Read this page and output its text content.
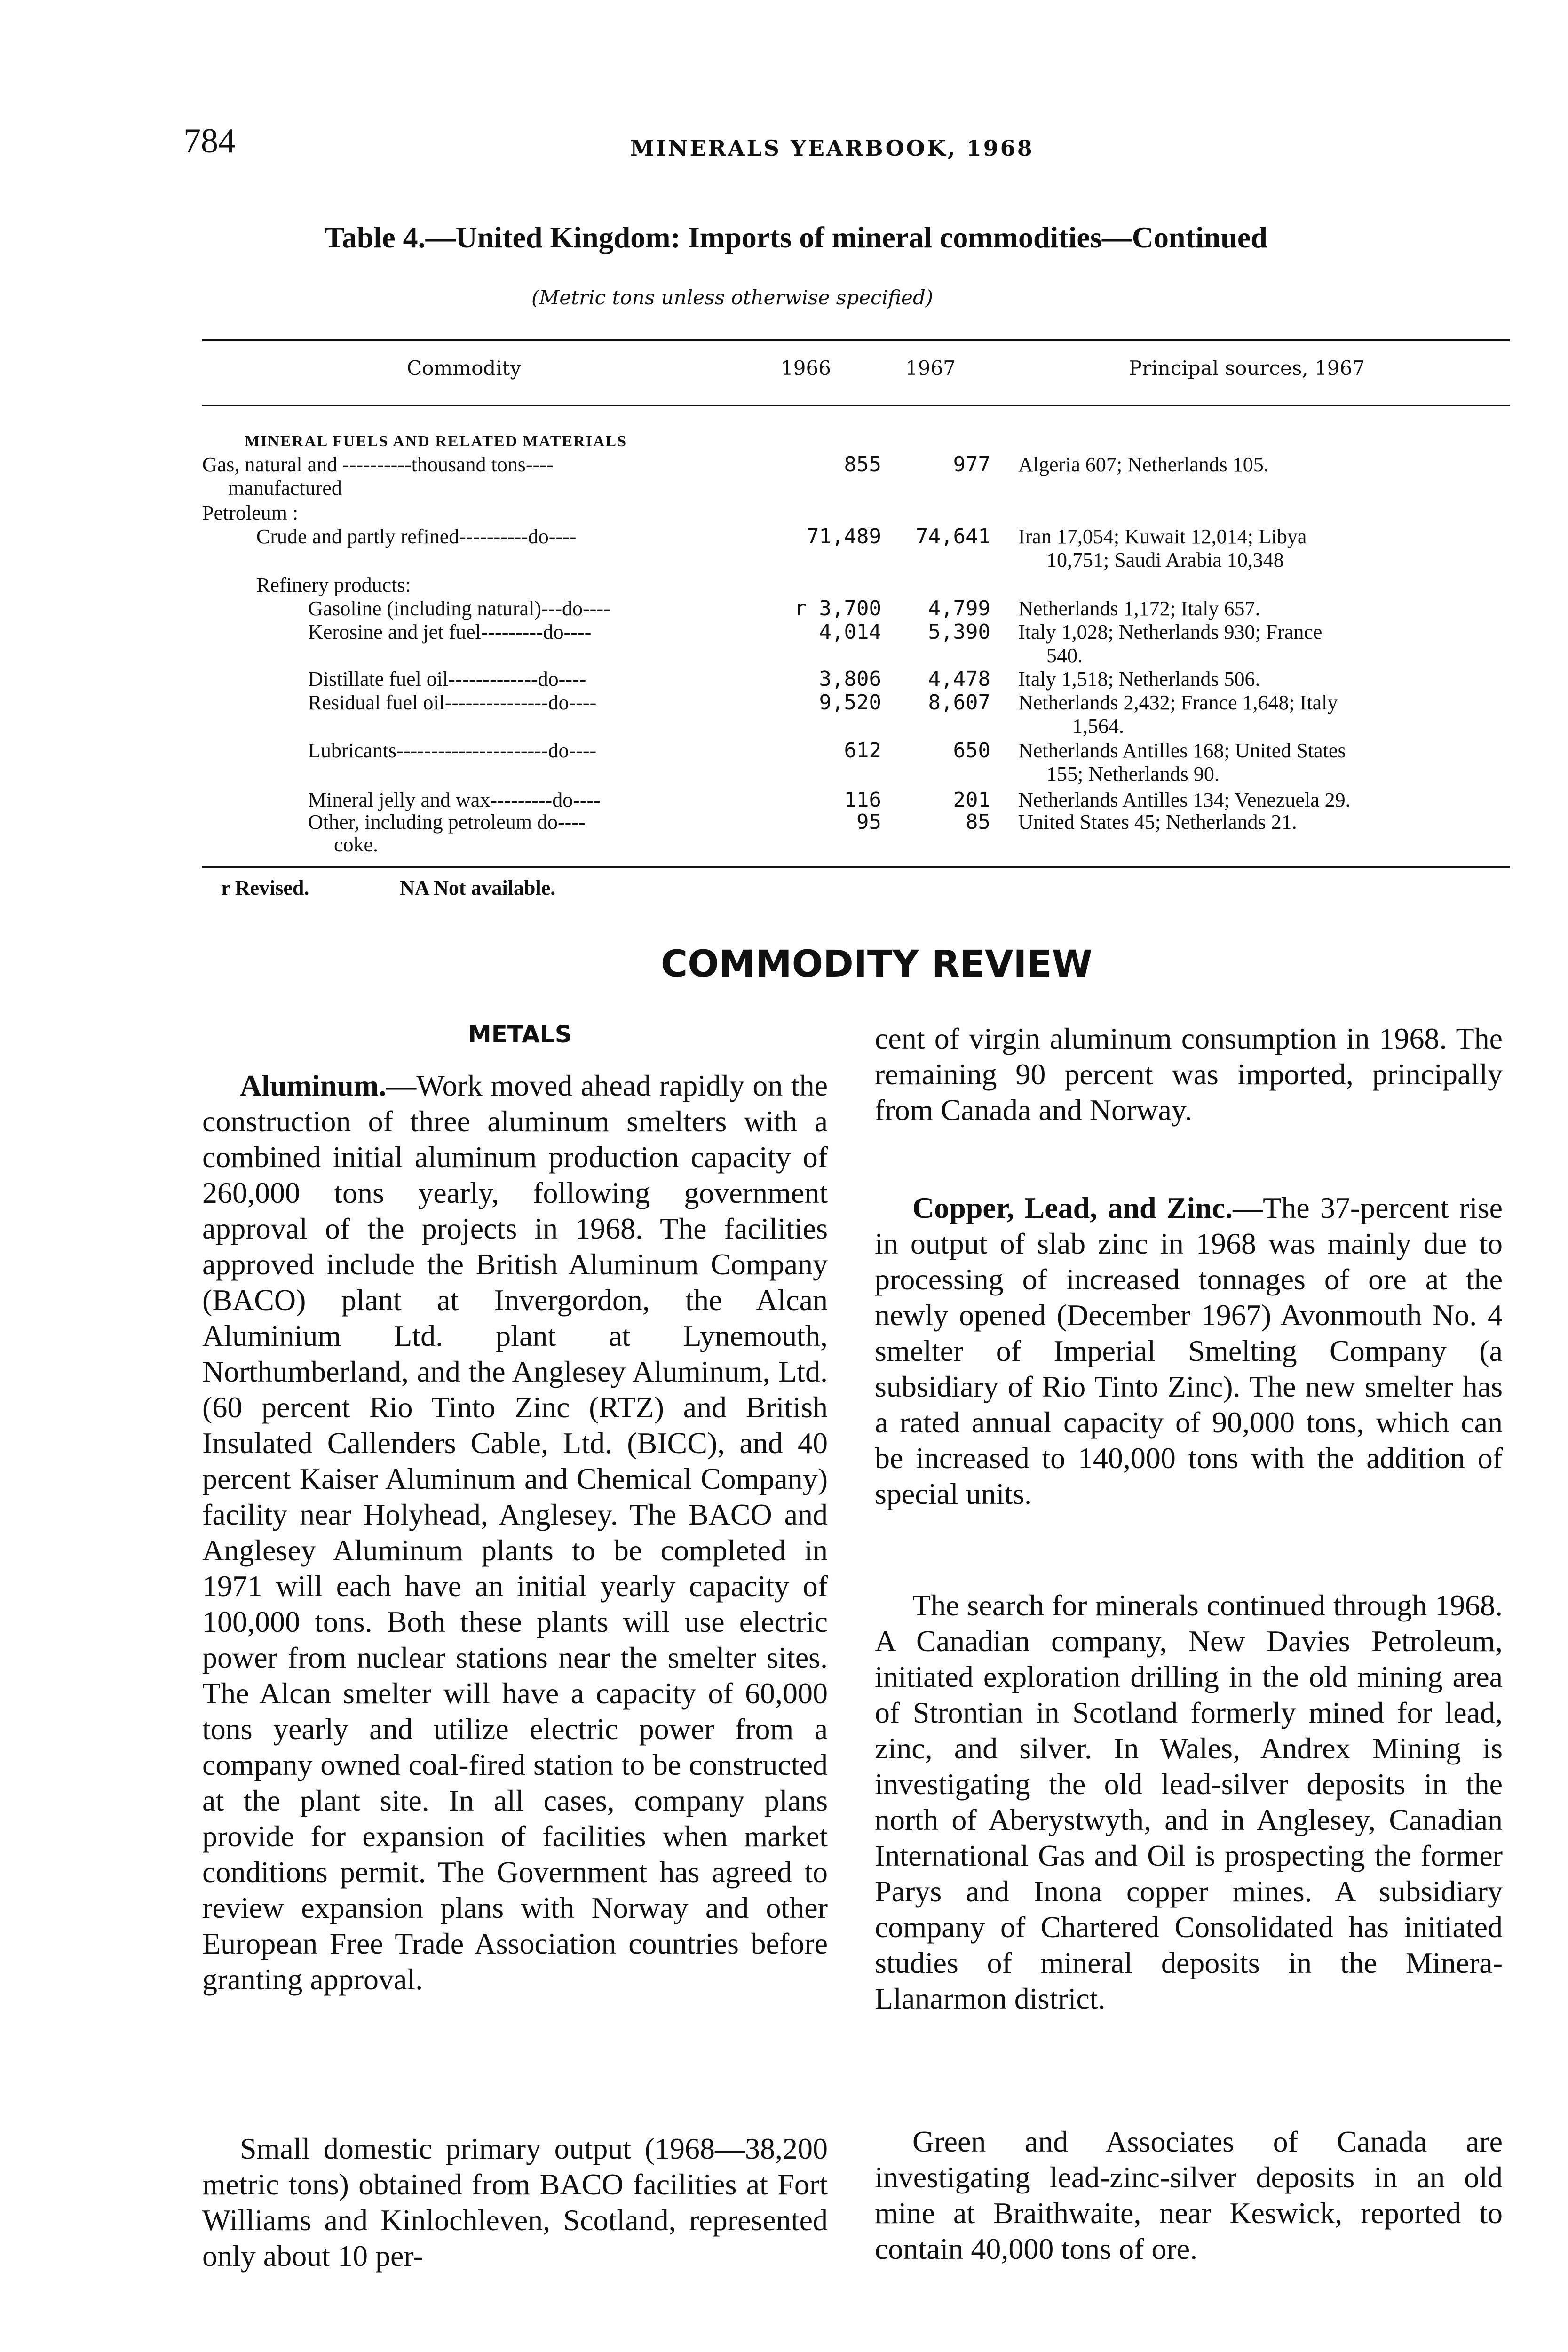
784	MINERALS YEARBOOK, 1968
Table 4.—United Kingdom: Imports of mineral commodities—Continued
(Metric tons unless otherwise specified)
Commodity	1966	1967	Principal sources, 1967
MINERAL FUELS AND RELATED MATERIALS
Gas, natural and ----------thousand tons----
manufactured
855	977 Algeria 607; Netherlands 105.
Petroleum :
Crude and partly refined----------do----	71,489 74,641 Iran 17,054; Kuwait 12,014; Libya
10,751; Saudi Arabia 10,348
Refinery products:
Gasoline (including natural)---do----	r 3,700 4,799 Netherlands 1,172; Italy 657.
Kerosine and jet fuel---------do----	4,014 5,390 Italy 1,028; Netherlands 930; France
540.
Distillate fuel oil-------------do----	3,806 4,478 Italy 1,518; Netherlands 506.
Residual fuel oil---------------do----	9,520 8,607 Netherlands 2,432; France 1,648; Italy
1,564.
Lubricants----------------------do----	612	650 Netherlands Antilles 168; United States
155; Netherlands 90.
Mineral jelly and wax---------do----	116	201 Netherlands Antilles 134; Venezuela 29.
Other, including petroleum do----
coke.
95	85 United States 45; Netherlands 21.
r Revised.	NA Not available.
COMMODITY REVIEW
METALS

Aluminum.—Work moved ahead rapidly on the construction of three aluminum smelters with a combined initial aluminum production capacity of 260,000 tons yearly, following government approval of the projects in 1968. The facilities approved include the British Aluminum Company (BACO) plant at Invergordon, the Alcan Aluminium Ltd. plant at Lynemouth, Northumberland, and the Anglesey Aluminum, Ltd. (60 percent Rio Tinto Zinc (RTZ) and British Insulated Callenders Cable, Ltd. (BICC), and 40 percent Kaiser Aluminum and Chemical Company) facility near Holyhead, Anglesey. The BACO and Anglesey Aluminum plants to be completed in 1971 will each have an initial yearly capacity of 100,000 tons. Both these plants will use electric power from nuclear stations near the smelter sites. The Alcan smelter will have a capacity of 60,000 tons yearly and utilize electric power from a company owned coal-fired station to be constructed at the plant site. In all cases, company plans provide for expansion of facilities when market conditions permit. The Government has agreed to review expansion plans with Norway and other European Free Trade Association countries before granting approval.

Small domestic primary output (1968—38,200 metric tons) obtained from BACO facilities at Fort Williams and Kinlochleven, Scotland, represented only about 10 per-

cent of virgin aluminum consumption in 1968. The remaining 90 percent was imported, principally from Canada and Norway.

Copper, Lead, and Zinc.—The 37-percent rise in output of slab zinc in 1968 was mainly due to processing of increased tonnages of ore at the newly opened (December 1967) Avonmouth No. 4 smelter of Imperial Smelting Company (a subsidiary of Rio Tinto Zinc). The new smelter has a rated annual capacity of 90,000 tons, which can be increased to 140,000 tons with the addition of special units.

The search for minerals continued through 1968. A Canadian company, New Davies Petroleum, initiated exploration drilling in the old mining area of Strontian in Scotland formerly mined for lead, zinc, and silver. In Wales, Andrex Mining is investigating the old lead-silver deposits in the north of Aberystwyth, and in Anglesey, Canadian International Gas and Oil is prospecting the former Parys and Inona copper mines. A subsidiary company of Chartered Consolidated has initiated studies of mineral deposits in the Minera-Llanarmon district.

Green and Associates of Canada are investigating lead-zinc-silver deposits in an old mine at Braithwaite, near Keswick, reported to contain 40,000 tons of ore.
